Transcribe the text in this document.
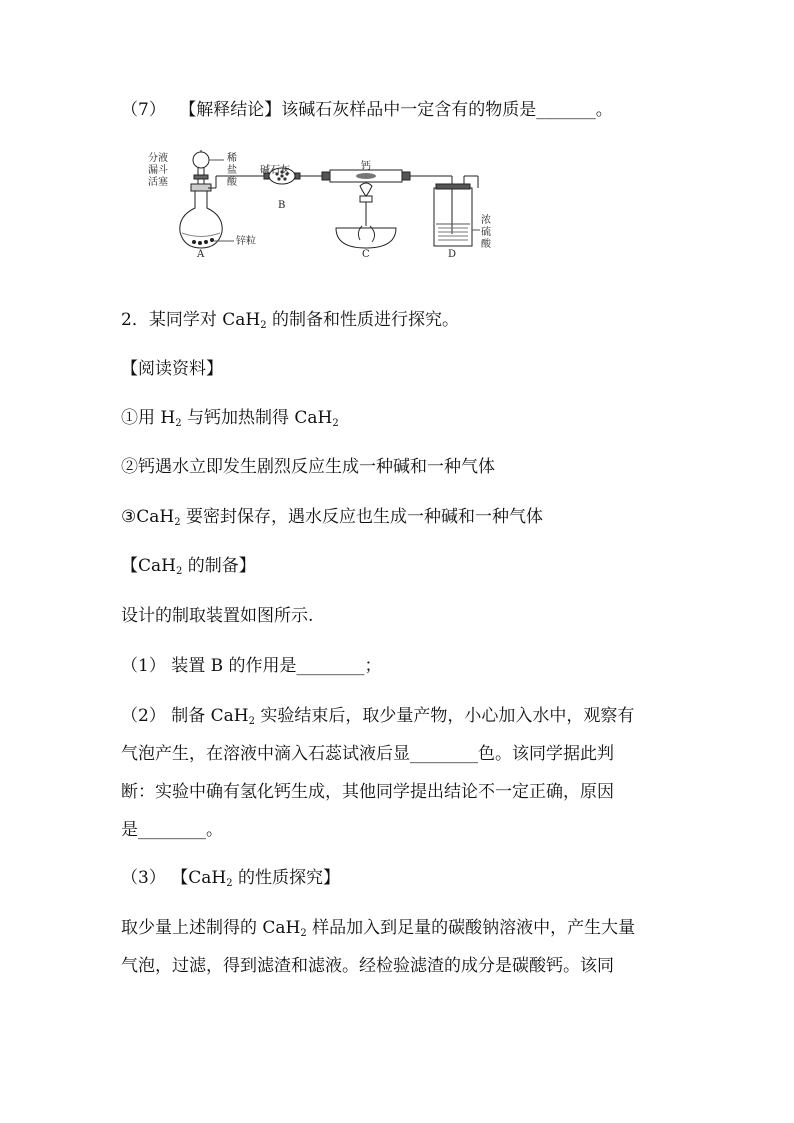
（7） 【解释结论】该碱石灰样品中一定含有的物质是_______。
分液
漏斗
活塞
稀
盐
酸
碱石灰	钙
锌粒
浓
硫
酸
A
B
C	D
2．某同学对 CaH$_2$ 的制备和性质进行探究。
【阅读资料】
①用 $H_2$ 与钙加热制得 CaH$_2$
②钙遇水立即发生剧烈反应生成一种碱和一种气体
③CaH$_2$ 要密封保存，遇水反应也生成一种碱和一种气体
【CaH$_2$ 的制备】
设计的制取装置如图所示.
（1） 装置 B 的作用是________；
（2） 制备 CaH$_2$ 实验结束后，取少量产物，小心加入水中，观察有
气泡产生，在溶液中滴入石蕊试液后显________色。该同学据此判
断：实验中确有氢化钙生成，其他同学提出结论不一定正确，原因
是________。
（3） 【CaH$_2$ 的性质探究】
取少量上述制得的 CaH$_2$ 样品加入到足量的碳酸钠溶液中，产生大量
气泡，过滤，得到滤渣和滤液。经检验滤渣的成分是碳酸钙。该同
